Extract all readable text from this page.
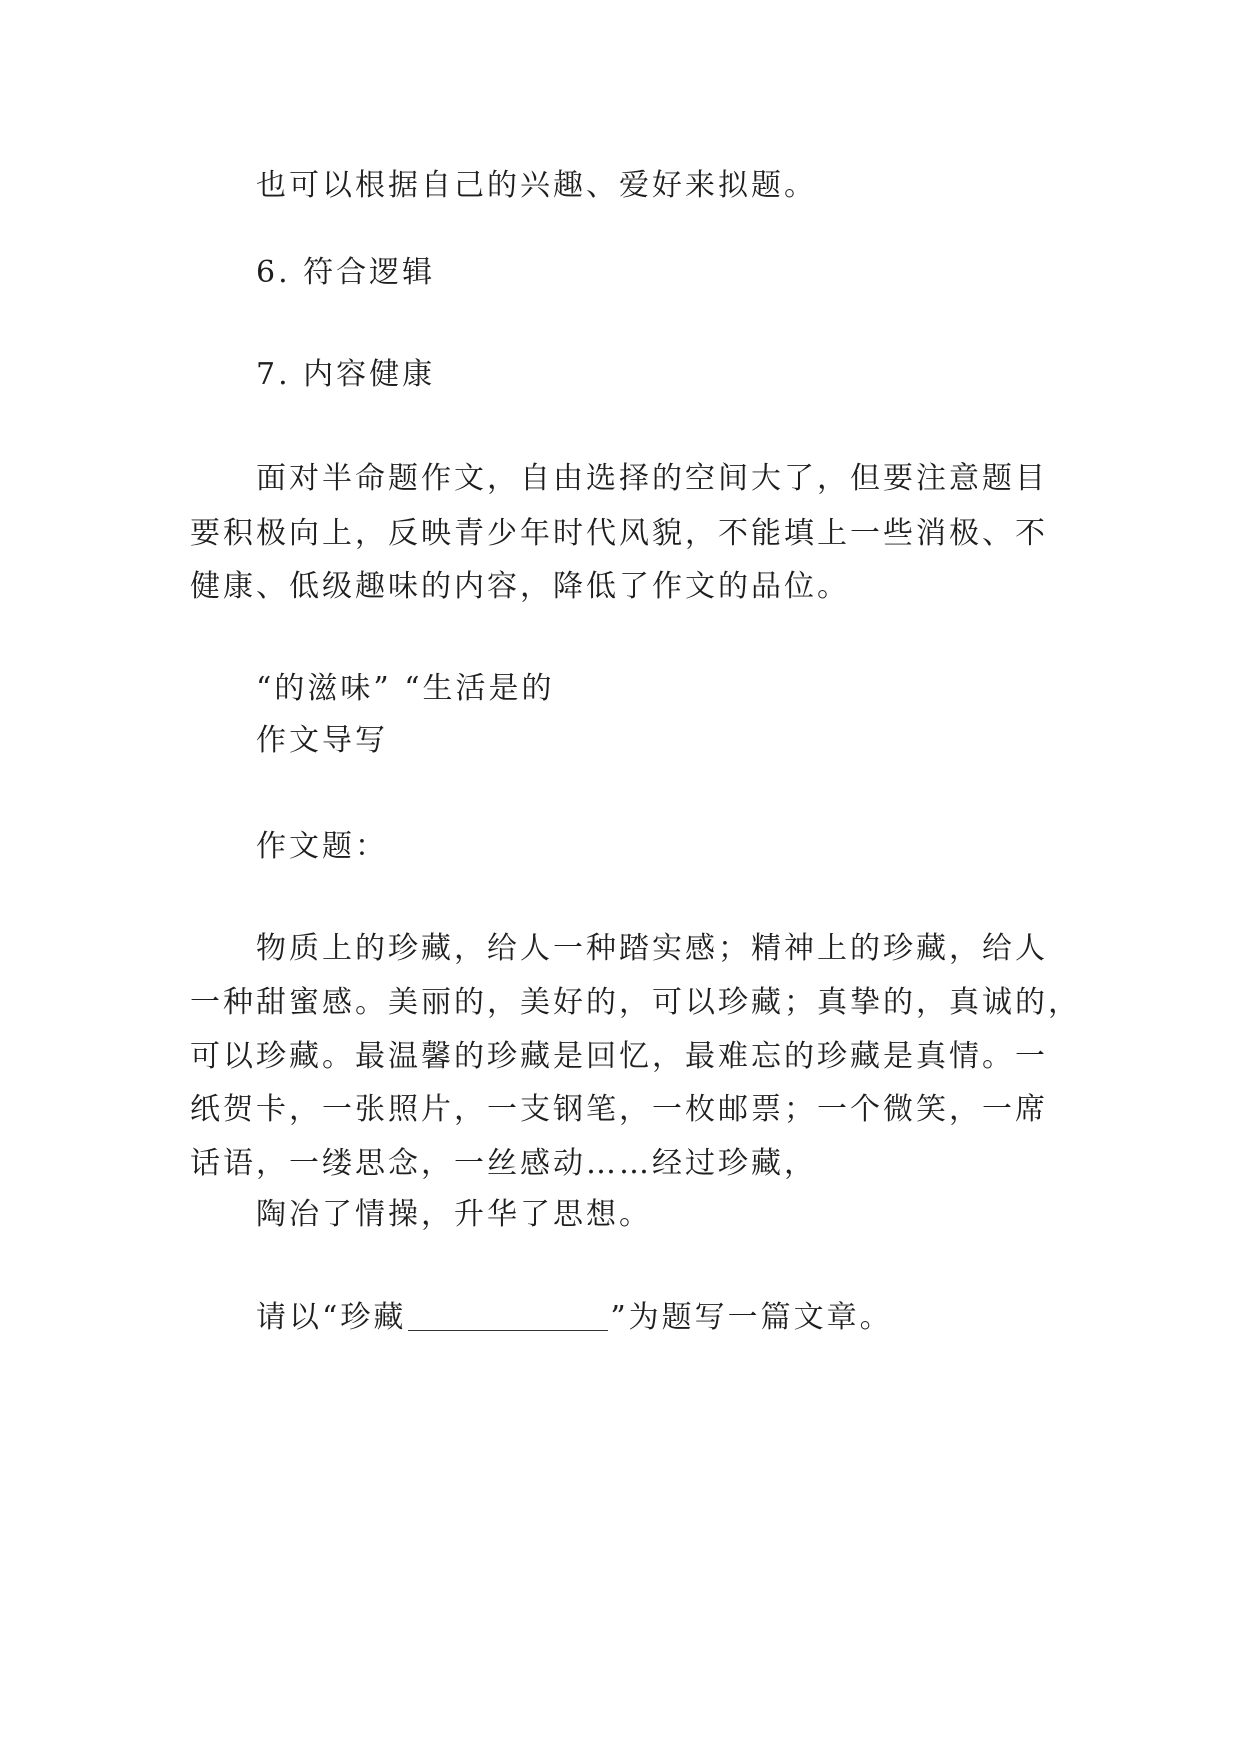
也可以根据自己的兴趣、爱好来拟题。
6. 符合逻辑
7. 内容健康
面对半命题作文，自由选择的空间大了，但要注意题目
要积极向上，反映青少年时代风貌，不能填上一些消极、不
健康、低级趣味的内容，降低了作文的品位。
“的滋味” “生活是的
作文导写
作文题：
物质上的珍藏，给人一种踏实感；精神上的珍藏，给人
一种甜蜜感。美丽的，美好的，可以珍藏；真挚的，真诚的，
可以珍藏。最温馨的珍藏是回忆，最难忘的珍藏是真情。一
纸贺卡，一张照片，一支钢笔，一枚邮票；一个微笑，一席
话语，一缕思念，一丝感动……经过珍藏，
陶冶了情操，升华了思想。
请以“珍藏	”为题写一篇文章。
